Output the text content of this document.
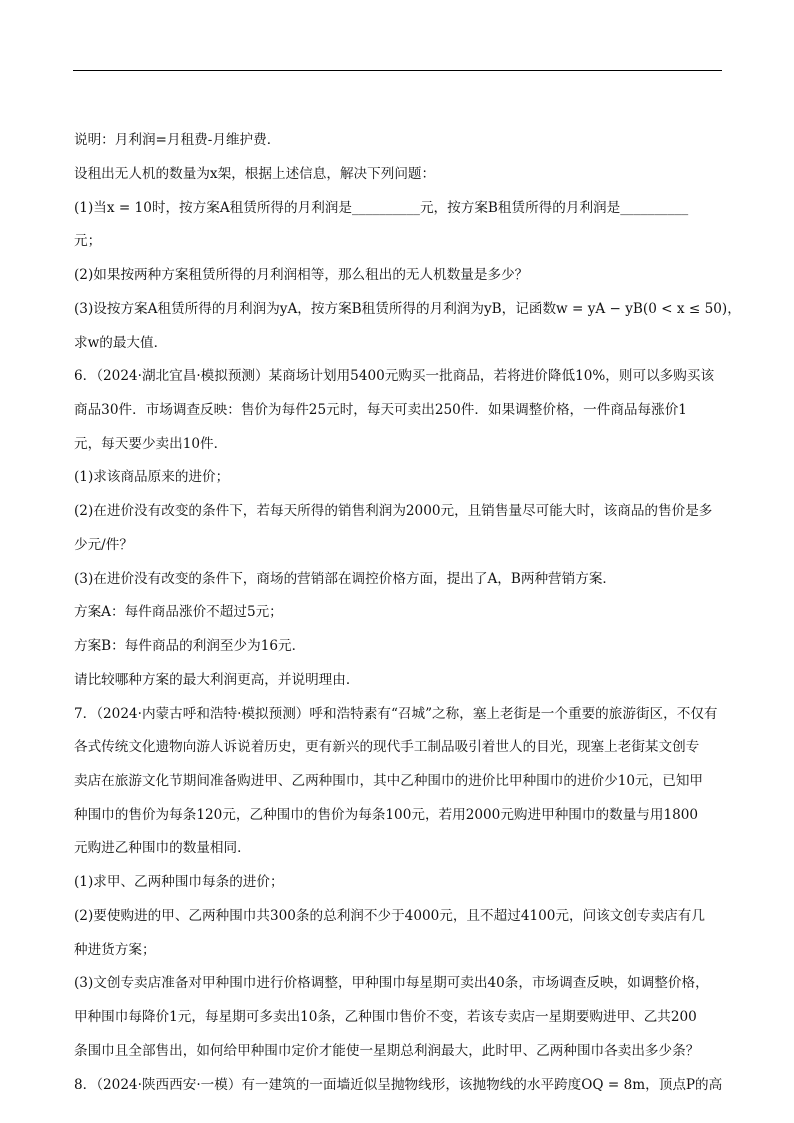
说明：月利润=月租费-月维护费．
设租出无人机的数量为x架，根据上述信息，解决下列问题：
(1)当x = 10时，按方案A租赁所得的月利润是__________元，按方案B租赁所得的月利润是__________
元；
(2)如果按两种方案租赁所得的月利润相等，那么租出的无人机数量是多少？
(3)设按方案A租赁所得的月利润为yA，按方案B租赁所得的月利润为yB，记函数w = yA − yB(0 < x ≤ 50)，
求w的最大值．
6．（2024·湖北宜昌·模拟预测）某商场计划用5400元购买一批商品，若将进价降低10%，则可以多购买该
商品30件．市场调查反映：售价为每件25元时，每天可卖出250件．如果调整价格，一件商品每涨价1
元，每天要少卖出10件．
(1)求该商品原来的进价；
(2)在进价没有改变的条件下，若每天所得的销售利润为2000元，且销售量尽可能大时，该商品的售价是多
少元/件？
(3)在进价没有改变的条件下，商场的营销部在调控价格方面，提出了A，B两种营销方案．
方案A：每件商品涨价不超过5元；
方案B：每件商品的利润至少为16元．
请比较哪种方案的最大利润更高，并说明理由．
7．（2024·内蒙古呼和浩特·模拟预测）呼和浩特素有“召城”之称，塞上老街是一个重要的旅游街区，不仅有
各式传统文化遗物向游人诉说着历史，更有新兴的现代手工制品吸引着世人的目光，现塞上老街某文创专
卖店在旅游文化节期间准备购进甲、乙两种围巾，其中乙种围巾的进价比甲种围巾的进价少10元，已知甲
种围巾的售价为每条120元，乙种围巾的售价为每条100元，若用2000元购进甲种围巾的数量与用1800
元购进乙种围巾的数量相同．
(1)求甲、乙两种围巾每条的进价；
(2)要使购进的甲、乙两种围巾共300条的总利润不少于4000元，且不超过4100元，问该文创专卖店有几
种进货方案；
(3)文创专卖店准备对甲种围巾进行价格调整，甲种围巾每星期可卖出40条，市场调查反映，如调整价格，
甲种围巾每降价1元，每星期可多卖出10条，乙种围巾售价不变，若该专卖店一星期要购进甲、乙共200
条围巾且全部售出，如何给甲种围巾定价才能使一星期总利润最大，此时甲、乙两种围巾各卖出多少条？
8．（2024·陕西西安·一模）有一建筑的一面墙近似呈抛物线形，该抛物线的水平跨度OQ = 8m，顶点P的高
